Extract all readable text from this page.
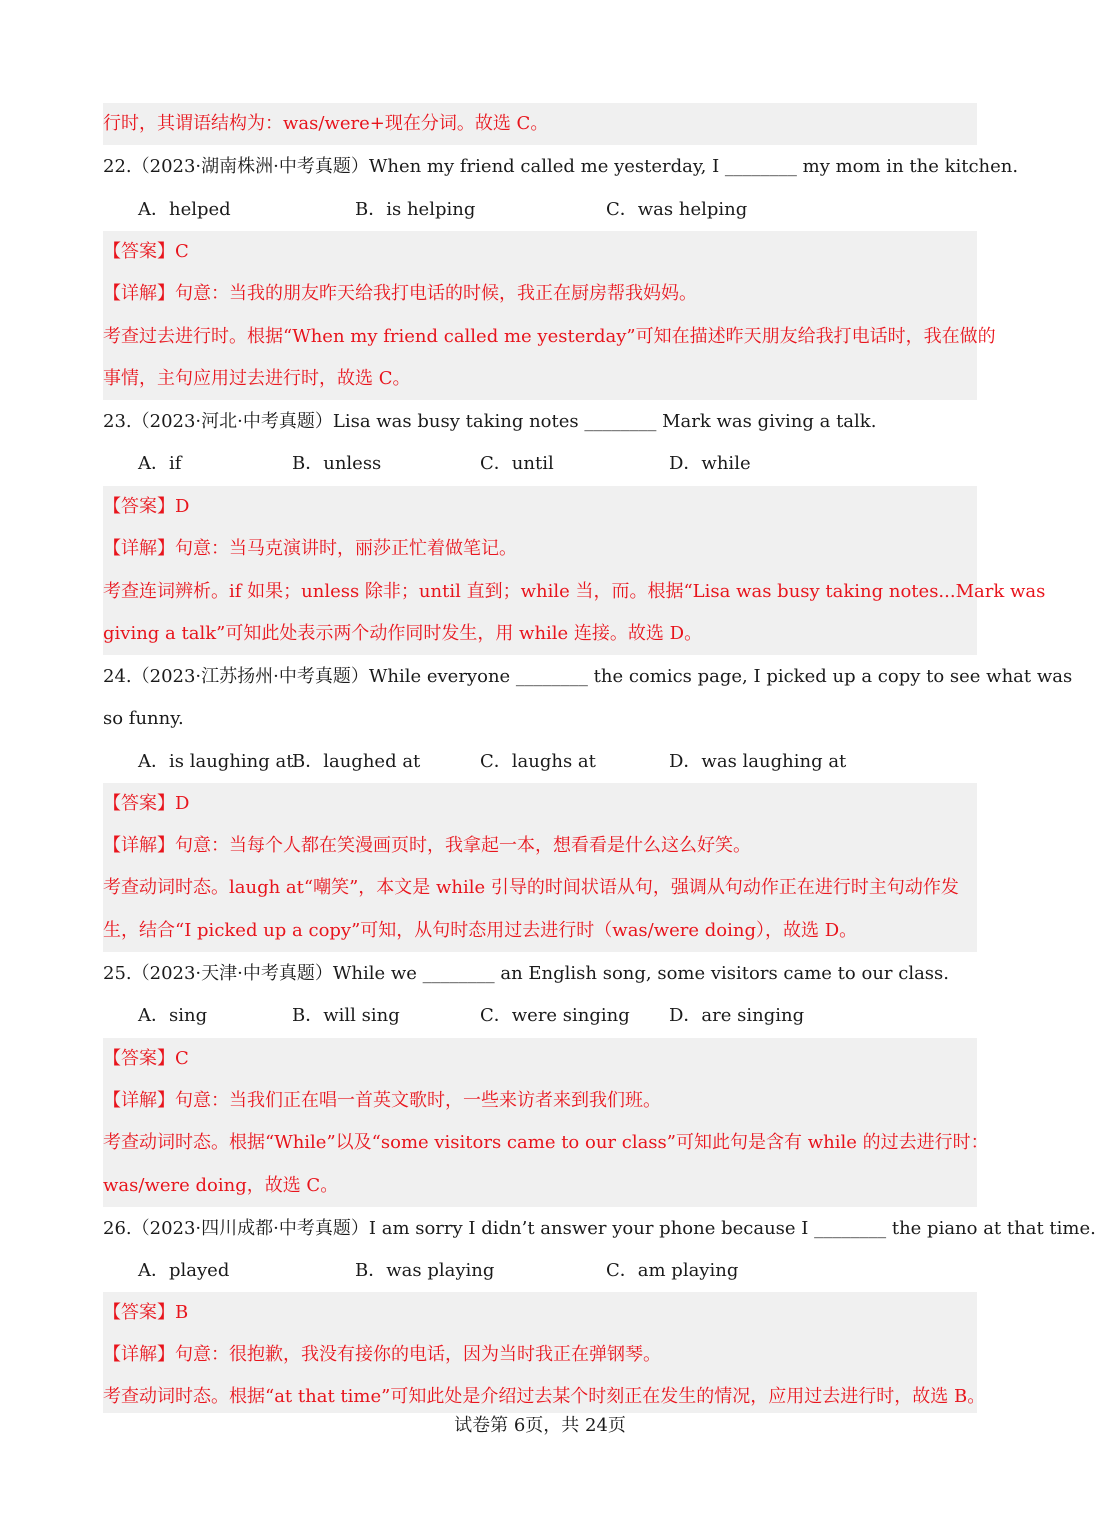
行时，其谓语结构为：was/were+现在分词。故选 C。
22.（2023·湖南株洲·中考真题）When my friend called me yesterday, I ________ my mom in the kitchen.
A．helped	B．is helping	C．was helping
【答案】C
【详解】句意：当我的朋友昨天给我打电话的时候，我正在厨房帮我妈妈。
考查过去进行时。根据“When my friend called me yesterday”可知在描述昨天朋友给我打电话时，我在做的
事情，主句应用过去进行时，故选 C。
23.（2023·河北·中考真题）Lisa was busy taking notes ________ Mark was giving a talk.
A．if	B．unless	C．until	D．while
【答案】D
【详解】句意：当马克演讲时，丽莎正忙着做笔记。
考查连词辨析。if 如果；unless 除非；until 直到；while 当，而。根据“Lisa was busy taking notes...Mark was
giving a talk”可知此处表示两个动作同时发生，用 while 连接。故选 D。
24.（2023·江苏扬州·中考真题）While everyone ________ the comics page, I picked up a copy to see what was
so funny.
A．is laughing at
B．laughed at	C．laughs at	D．was laughing at
【答案】D
【详解】句意：当每个人都在笑漫画页时，我拿起一本，想看看是什么这么好笑。
考查动词时态。laugh at“嘲笑”，本文是 while 引导的时间状语从句，强调从句动作正在进行时主句动作发
生，结合“I picked up a copy”可知，从句时态用过去进行时（was/were doing），故选 D。
25.（2023·天津·中考真题）While we ________ an English song, some visitors came to our class.
A．sing	B．will sing	C．were singing D．are singing
【答案】C
【详解】句意：当我们正在唱一首英文歌时，一些来访者来到我们班。
考查动词时态。根据“While”以及“some visitors came to our class”可知此句是含有 while 的过去进行时：
was/were doing，故选 C。
26.（2023·四川成都·中考真题）I am sorry I didn’t answer your phone because I ________ the piano at that time.
A．played	B．was playing	C．am playing
【答案】B
【详解】句意：很抱歉，我没有接你的电话，因为当时我正在弹钢琴。
考查动词时态。根据“at that time”可知此处是介绍过去某个时刻正在发生的情况，应用过去进行时，故选 B。
试卷第 6页，共 24页
